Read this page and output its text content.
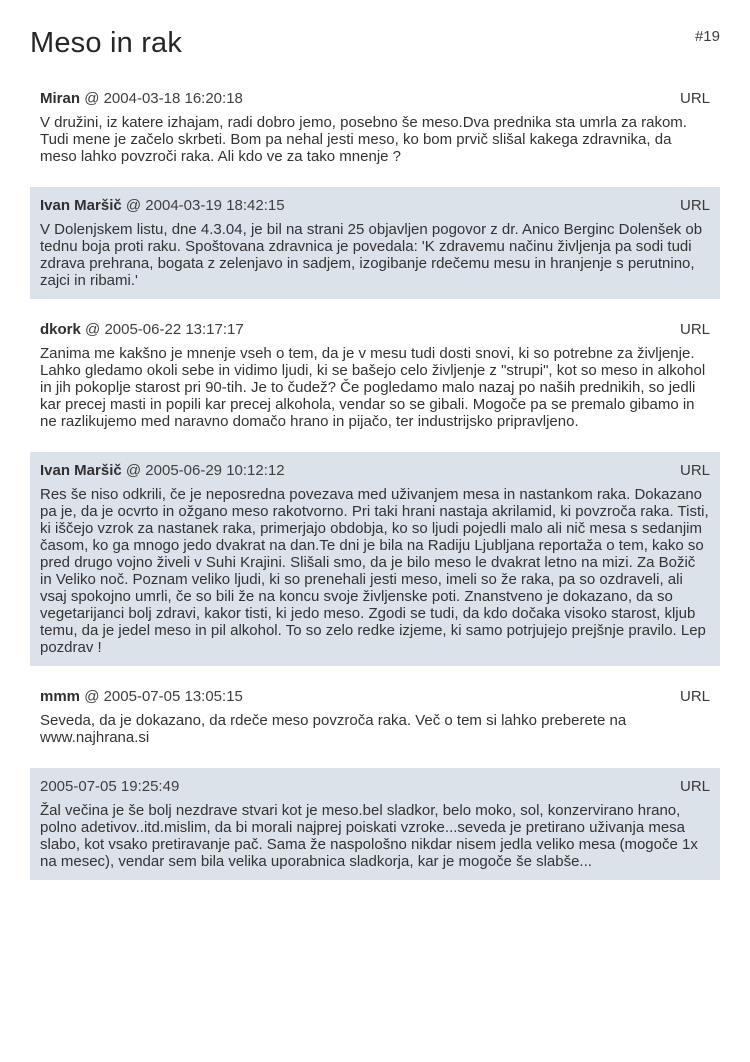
Meso in rak	#19
Miran @ 2004-03-18 16:20:18	URL
V družini, iz katere izhajam, radi dobro jemo, posebno še meso.Dva prednika sta umrla za rakom. Tudi mene je začelo skrbeti. Bom pa nehal jesti meso, ko bom prvič slišal kakega zdravnika, da meso lahko povzroči raka. Ali kdo ve za tako mnenje ?
Ivan Maršič @ 2004-03-19 18:42:15	URL
V Dolenjskem listu, dne 4.3.04, je bil na strani 25 objavljen pogovor z dr. Anico Berginc Dolenšek ob tednu boja proti raku. Spoštovana zdravnica je povedala: 'K zdravemu načinu življenja pa sodi tudi zdrava prehrana, bogata z zelenjavo in sadjem, izogibanje rdečemu mesu in hranjenje s perutnino, zajci in ribami.'
dkork @ 2005-06-22 13:17:17	URL
Zanima me kakšno je mnenje vseh o tem, da je v mesu tudi dosti snovi, ki so potrebne za življenje. Lahko gledamo okoli sebe in vidimo ljudi, ki se bašejo celo življenje z "strupi", kot so meso in alkohol in jih pokoplje starost pri 90-tih. Je to čudež? Če pogledamo malo nazaj po naših prednikih, so jedli kar precej masti in popili kar precej alkohola, vendar so se gibali. Mogoče pa se premalo gibamo in ne razlikujemo med naravno domačo hrano in pijačo, ter industrijsko pripravljeno.
Ivan Maršič @ 2005-06-29 10:12:12	URL
Res še niso odkrili, če je neposredna povezava med uživanjem mesa in nastankom raka. Dokazano pa je, da je ocvrto in ožgano meso rakotvorno. Pri taki hrani nastaja akrilamid, ki povzroča raka. Tisti, ki iščejo vzrok za nastanek raka, primerjajo obdobja, ko so ljudi pojedli malo ali nič mesa s sedanjim časom, ko ga mnogo jedo dvakrat na dan.Te dni je bila na Radiju Ljubljana reportaža o tem, kako so pred drugo vojno živeli v Suhi Krajini. Slišali smo, da je bilo meso le dvakrat letno na mizi. Za Božič in Veliko noč. Poznam veliko ljudi, ki so prenehali jesti meso, imeli so že raka, pa so ozdraveli, ali vsaj spokojno umrli, če so bili že na koncu svoje življenske poti. Znanstveno je dokazano, da so vegetarijanci bolj zdravi, kakor tisti, ki jedo meso. Zgodi se tudi, da kdo dočaka visoko starost, kljub temu, da je jedel meso in pil alkohol. To so zelo redke izjeme, ki samo potrjujejo prejšnje pravilo. Lep pozdrav !
mmm @ 2005-07-05 13:05:15	URL
Seveda, da je dokazano, da rdeče meso povzroča raka. Več o tem si lahko preberete na www.najhrana.si
2005-07-05 19:25:49	URL
Žal večina je še bolj nezdrave stvari kot je meso.bel sladkor, belo moko, sol, konzervirano hrano, polno adetivov..itd.mislim, da bi morali najprej poiskati vzroke...seveda je pretirano uživanja mesa slabo, kot vsako pretiravanje pač. Sama že naspološno nikdar nisem jedla veliko mesa (mogoče 1x na mesec), vendar sem bila velika uporabnica sladkorja, kar je mogoče še slabše...
